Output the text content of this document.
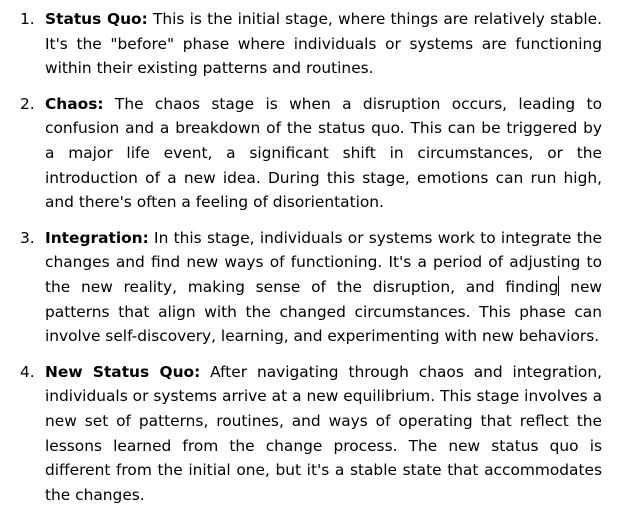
1. Status Quo: This is the initial stage, where things are relatively stable. It's the "before" phase where individuals or systems are functioning within their existing patterns and routines.
2. Chaos: The chaos stage is when a disruption occurs, leading to confusion and a breakdown of the status quo. This can be triggered by a major life event, a significant shift in circumstances, or the introduction of a new idea. During this stage, emotions can run high, and there's often a feeling of disorientation.
3. Integration: In this stage, individuals or systems work to integrate the changes and find new ways of functioning. It's a period of adjusting to the new reality, making sense of the disruption, and finding new patterns that align with the changed circumstances. This phase can involve self-discovery, learning, and experimenting with new behaviors.
4. New Status Quo: After navigating through chaos and integration, individuals or systems arrive at a new equilibrium. This stage involves a new set of patterns, routines, and ways of operating that reflect the lessons learned from the change process. The new status quo is different from the initial one, but it's a stable state that accommodates the changes.
